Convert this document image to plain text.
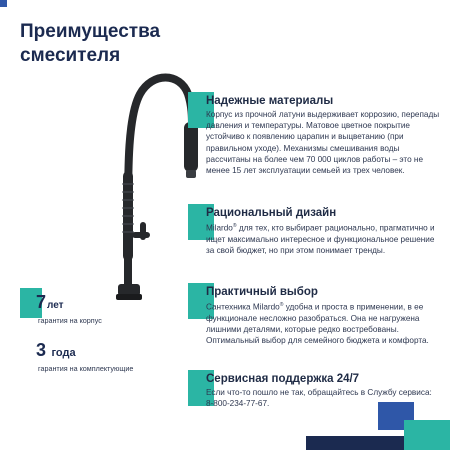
Преимущества
смесителя
Надежные материалы

Корпус из прочной латуни выдерживает коррозию, перепады давления и температуры. Матовое цветное покрытие устойчиво к появлению царапин и выцветанию (при правильном уходе). Механизмы смешивания воды рассчитаны на более чем 70 000 циклов работы – это не менее 15 лет эксплуатации семьей из трех человек.

Рациональный дизайн

Milardo® для тех, кто выбирает рационально, прагматично и ищет максимально интересное и функциональное решение за свой бюджет, но при этом понимает тренды.

Практичный выбор

Сантехника Milardo® удобна и проста в применении, в ее функционале несложно разобраться. Она не нагружена лишними деталями, которые редко востребованы. Оптимальный выбор для семейного бюджета и комфорта.

Сервисная поддержка 24/7

Если что-то пошло не так, обращайтесь в Службу сервиса: 8-800-234-77-67.

7лет
гарантия на корпус
3 года
гарантия на комплектующие
